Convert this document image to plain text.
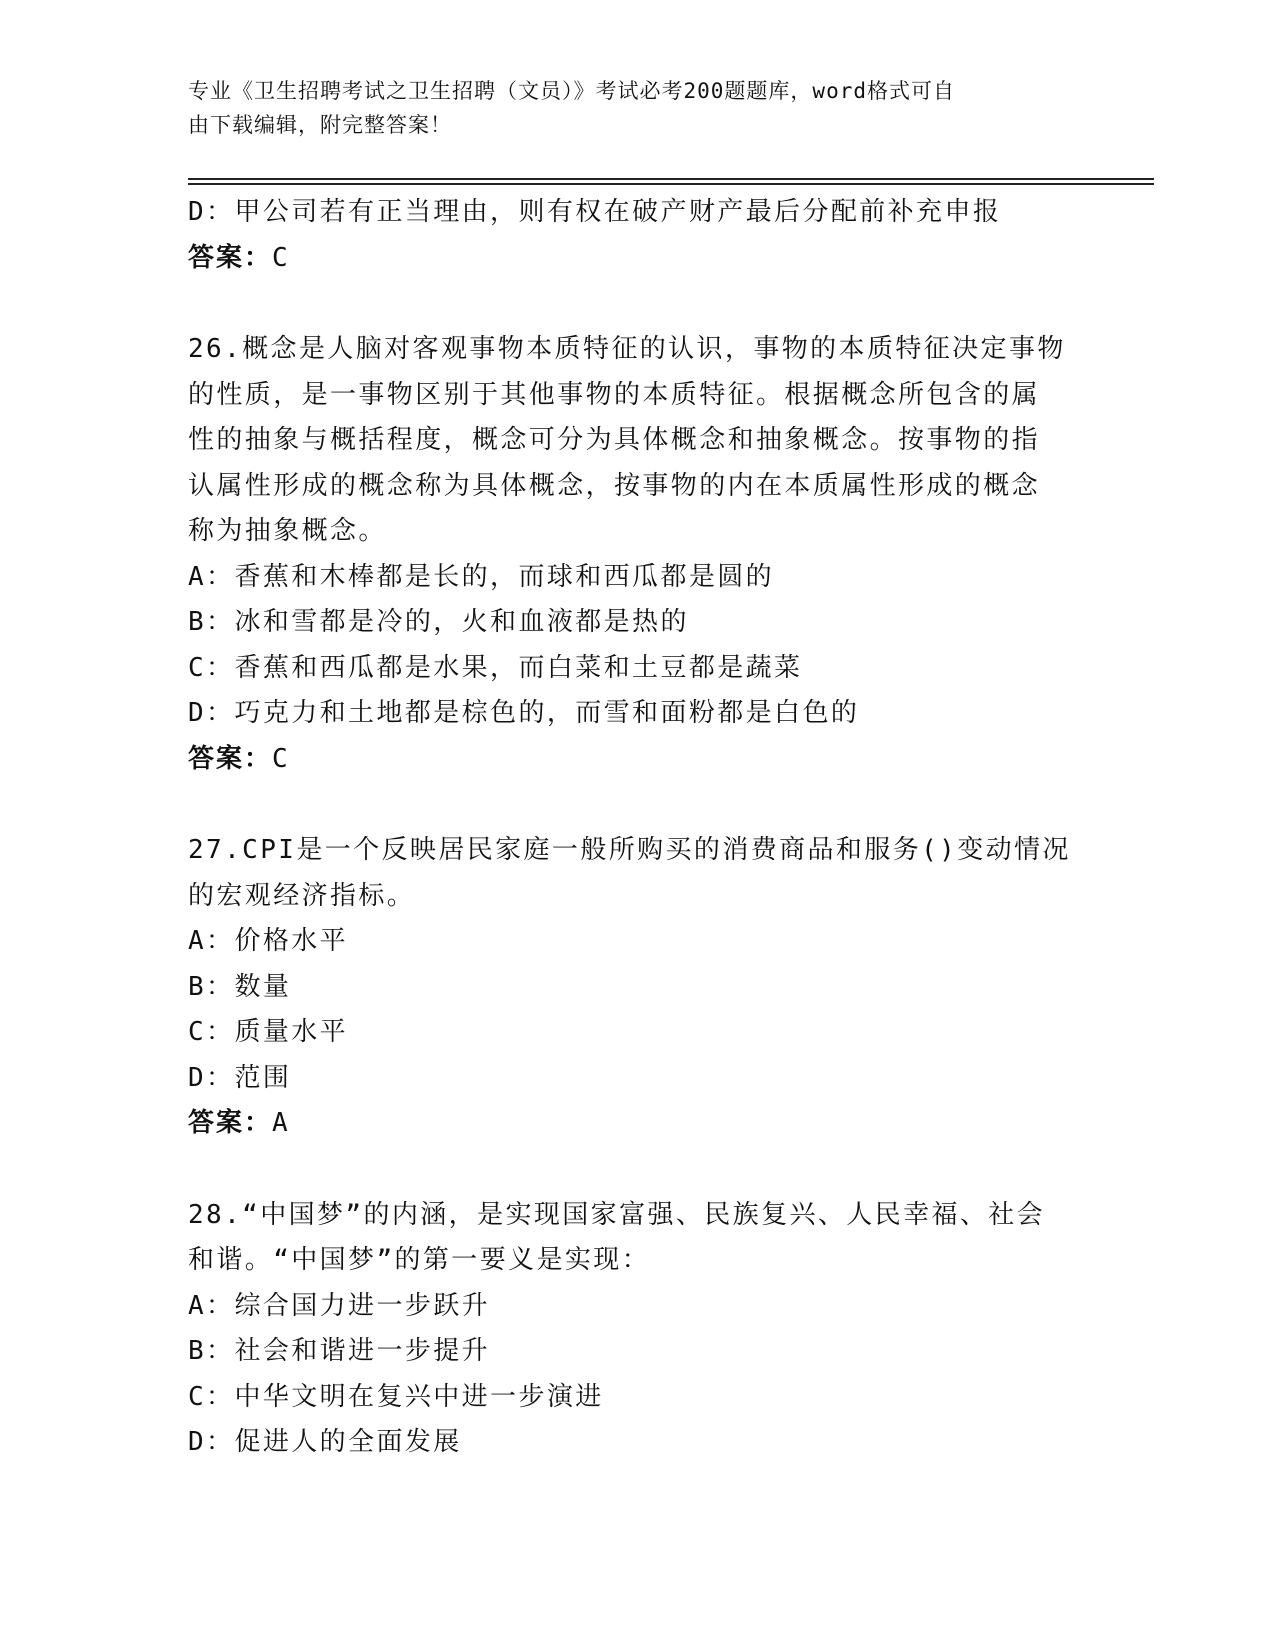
专业《卫生招聘考试之卫生招聘（文员）》考试必考200题题库，word格式可自
由下载编辑，附完整答案！
D：甲公司若有正当理由，则有权在破产财产最后分配前补充申报
答案：C
26.概念是人脑对客观事物本质特征的认识，事物的本质特征决定事物
的性质，是一事物区别于其他事物的本质特征。根据概念所包含的属
性的抽象与概括程度，概念可分为具体概念和抽象概念。按事物的指
认属性形成的概念称为具体概念，按事物的内在本质属性形成的概念
称为抽象概念。
A：香蕉和木棒都是长的，而球和西瓜都是圆的
B：冰和雪都是冷的，火和血液都是热的
C：香蕉和西瓜都是水果，而白菜和土豆都是蔬菜
D：巧克力和土地都是棕色的，而雪和面粉都是白色的
答案：C
27.CPI是一个反映居民家庭一般所购买的消费商品和服务()变动情况
的宏观经济指标。
A：价格水平
B：数量
C：质量水平
D：范围
答案：A
28.“中国梦”的内涵，是实现国家富强、民族复兴、人民幸福、社会
和谐。“中国梦”的第一要义是实现：
A：综合国力进一步跃升
B：社会和谐进一步提升
C：中华文明在复兴中进一步演进
D：促进人的全面发展
